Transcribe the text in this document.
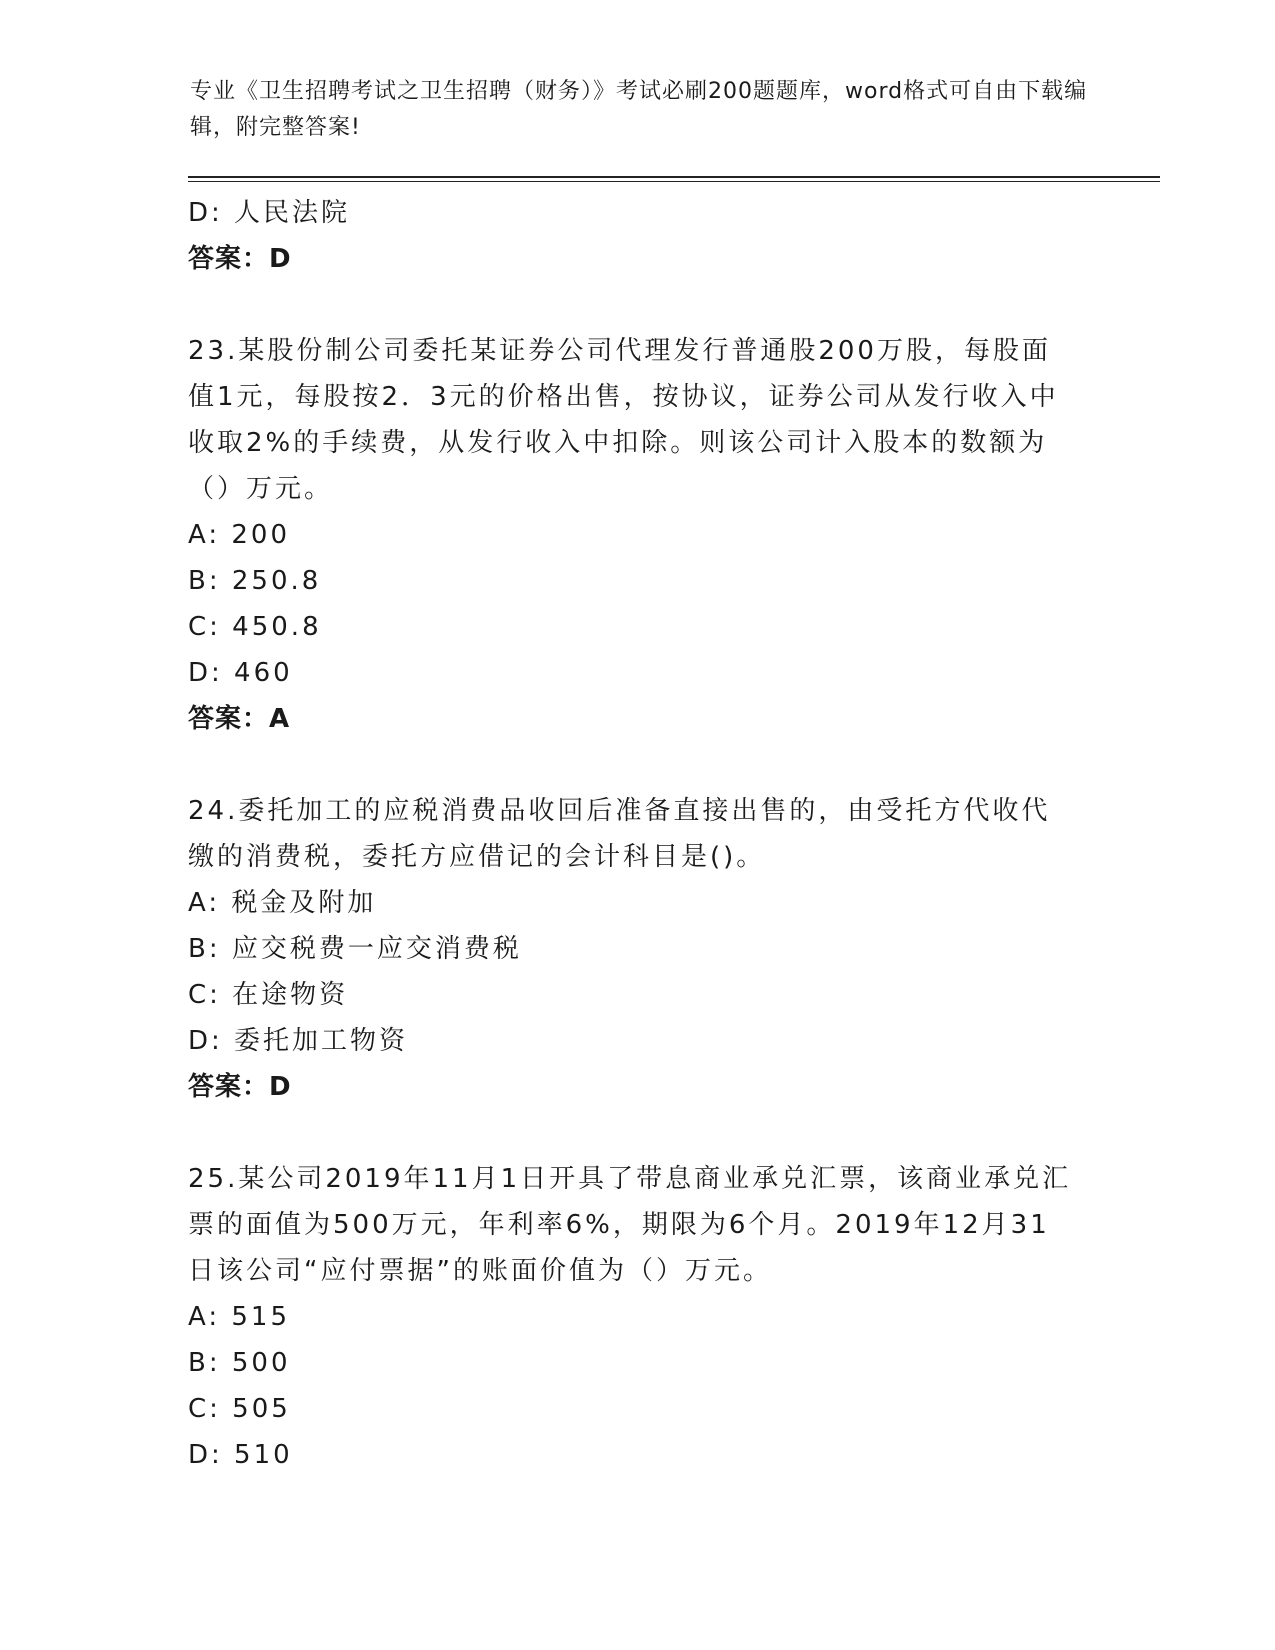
专业《卫生招聘考试之卫生招聘（财务）》考试必刷200题题库，word格式可自由下载编辑，附完整答案!
D: 人民法院
答案：D
23.某股份制公司委托某证券公司代理发行普通股200万股，每股面值1元，每股按2．3元的价格出售，按协议，证券公司从发行收入中收取2%的手续费，从发行收入中扣除。则该公司计入股本的数额为（）万元。
A: 200
B: 250.8
C: 450.8
D: 460
答案：A
24.委托加工的应税消费品收回后准备直接出售的，由受托方代收代缴的消费税，委托方应借记的会计科目是()。
A: 税金及附加
B: 应交税费一应交消费税
C: 在途物资
D: 委托加工物资
答案：D
25.某公司2019年11月1日开具了带息商业承兑汇票，该商业承兑汇票的面值为500万元，年利率6%，期限为6个月。2019年12月31日该公司“应付票据”的账面价值为（）万元。
A: 515
B: 500
C: 505
D: 510
